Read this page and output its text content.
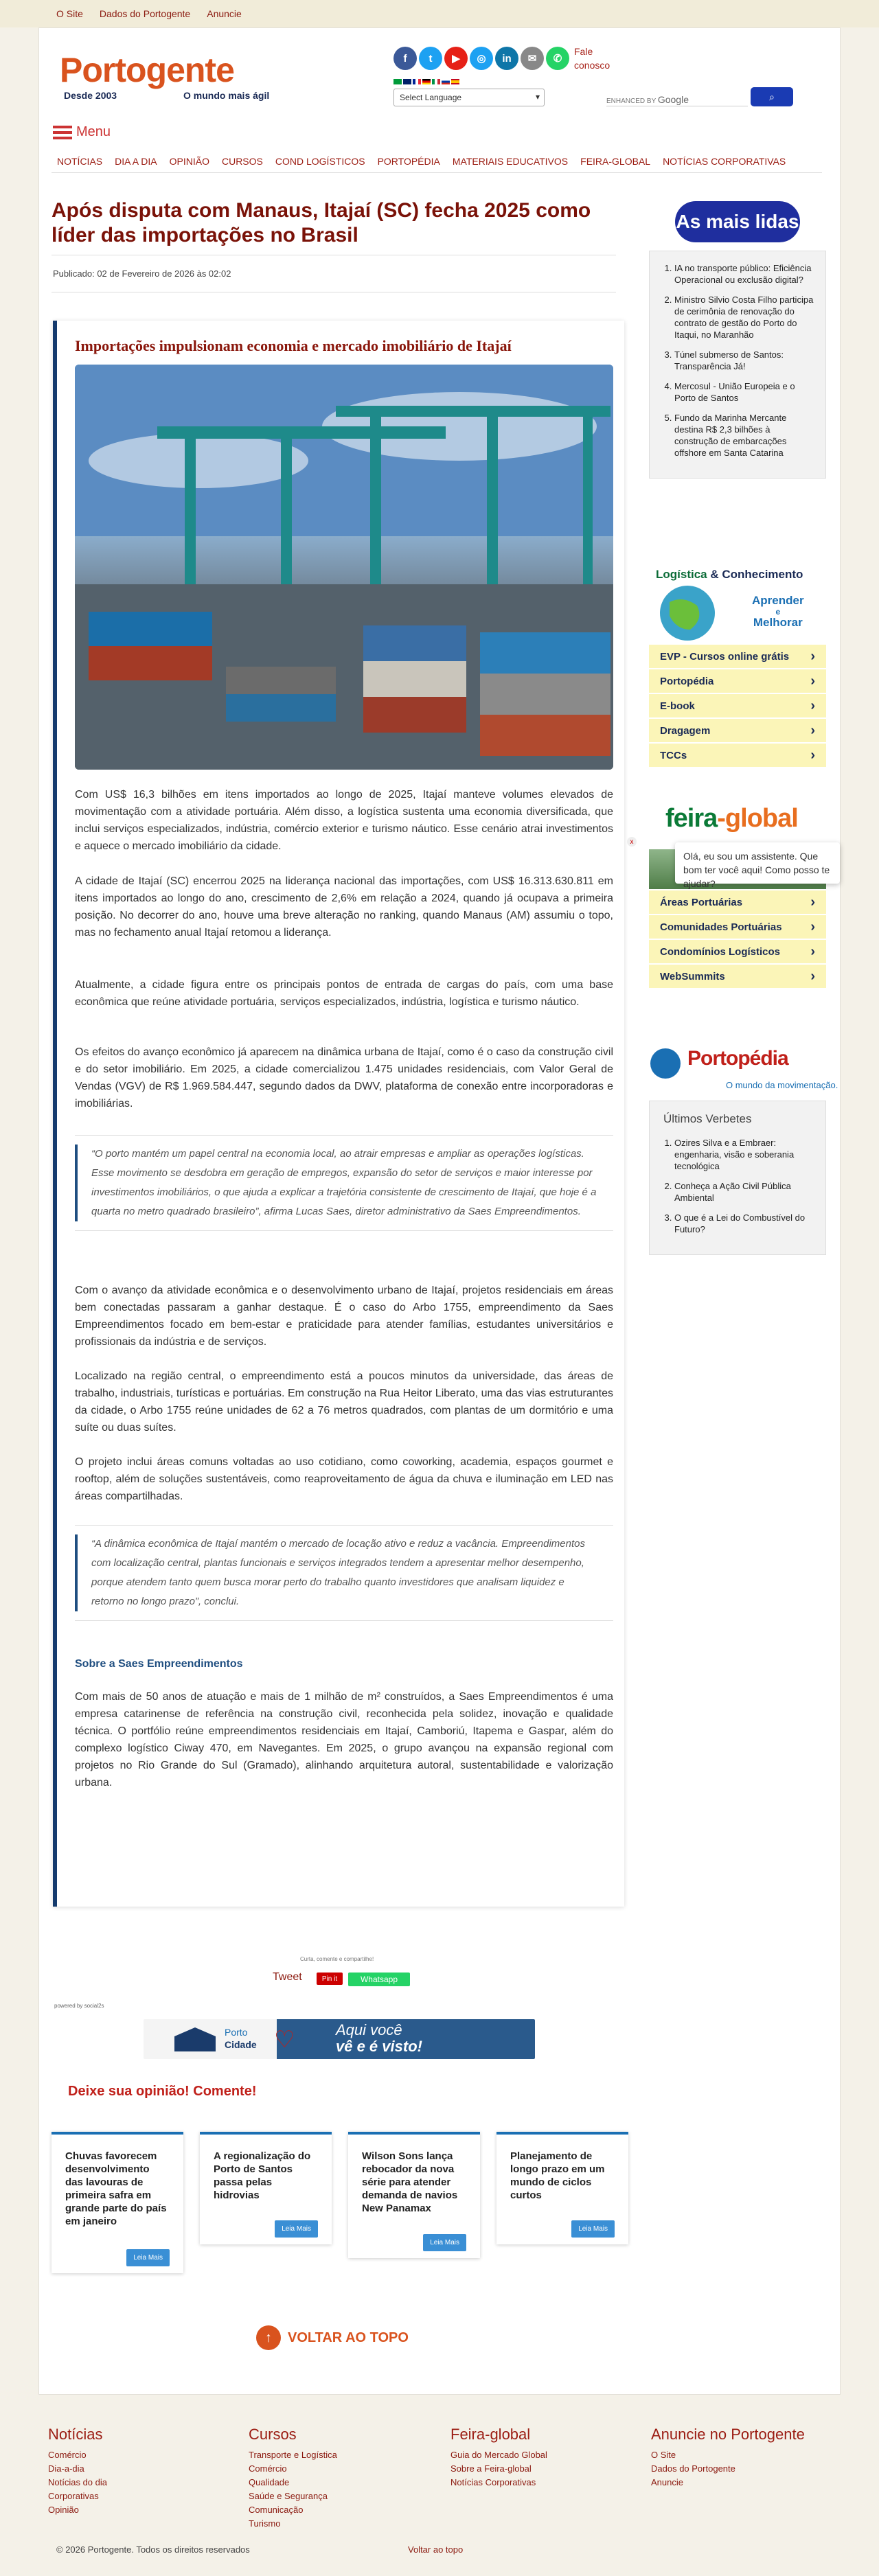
O Site Dados do Portogente Anuncie
Portogente
Desde 2003	O mundo mais ágil
f	t	▶	◎	in	✉	✆
Fale conosco
Select Language ▾	ENHANCED BY Google	⌕
Menu
NOTÍCIAS DIA A DIA OPINIÃO CURSOS COND LOGÍSTICOS PORTOPÉDIA MATERIAIS EDUCATIVOS FEIRA-GLOBAL NOTÍCIAS CORPORATIVAS
Após disputa com Manaus, Itajaí (SC) fecha 2025 como líder das importações no Brasil
Publicado: 02 de Fevereiro de 2026 às 02:02
Importações impulsionam economia e mercado imobiliário de Itajaí

Com US$ 16,3 bilhões em itens importados ao longo de 2025, Itajaí manteve volumes elevados de movimentação com a atividade portuária. Além disso, a logística sustenta uma economia diversificada, que inclui serviços especializados, indústria, comércio exterior e turismo náutico. Esse cenário atrai investimentos e aquece o mercado imobiliário da cidade.

A cidade de Itajaí (SC) encerrou 2025 na liderança nacional das importações, com US$ 16.313.630.811 em itens importados ao longo do ano, crescimento de 2,6% em relação a 2024, quando já ocupava a primeira posição. No decorrer do ano, houve uma breve alteração no ranking, quando Manaus (AM) assumiu o topo, mas no fechamento anual Itajaí retomou a liderança.

Atualmente, a cidade figura entre os principais pontos de entrada de cargas do país, com uma base econômica que reúne atividade portuária, serviços especializados, indústria, logística e turismo náutico.

Os efeitos do avanço econômico já aparecem na dinâmica urbana de Itajaí, como é o caso da construção civil e do setor imobiliário. Em 2025, a cidade comercializou 1.475 unidades residenciais, com Valor Geral de Vendas (VGV) de R$ 1.969.584.447, segundo dados da DWV, plataforma de conexão entre incorporadoras e imobiliárias.

“O porto mantém um papel central na economia local, ao atrair empresas e ampliar as operações logísticas. Esse movimento se desdobra em geração de empregos, expansão do setor de serviços e maior interesse por investimentos imobiliários, o que ajuda a explicar a trajetória consistente de crescimento de Itajaí, que hoje é a quarta no metro quadrado brasileiro”, afirma Lucas Saes, diretor administrativo da Saes Empreendimentos.

Com o avanço da atividade econômica e o desenvolvimento urbano de Itajaí, projetos residenciais em áreas bem conectadas passaram a ganhar destaque. É o caso do Arbo 1755, empreendimento da Saes Empreendimentos focado em bem-estar e praticidade para atender famílias, estudantes universitários e profissionais da indústria e de serviços.

Localizado na região central, o empreendimento está a poucos minutos da universidade, das áreas de trabalho, industriais, turísticas e portuárias. Em construção na Rua Heitor Liberato, uma das vias estruturantes da cidade, o Arbo 1755 reúne unidades de 62 a 76 metros quadrados, com plantas de um dormitório e uma suíte ou duas suítes.

O projeto inclui áreas comuns voltadas ao uso cotidiano, como coworking, academia, espaços gourmet e rooftop, além de soluções sustentáveis, como reaproveitamento de água da chuva e iluminação em LED nas áreas compartilhadas.

“A dinâmica econômica de Itajaí mantém o mercado de locação ativo e reduz a vacância. Empreendimentos com localização central, plantas funcionais e serviços integrados tendem a apresentar melhor desempenho, porque atendem tanto quem busca morar perto do trabalho quanto investidores que analisam liquidez e retorno no longo prazo”, conclui.
Sobre a Saes Empreendimentos

Com mais de 50 anos de atuação e mais de 1 milhão de m² construídos, a Saes Empreendimentos é uma empresa catarinense de referência na construção civil, reconhecida pela solidez, inovação e qualidade técnica. O portfólio reúne empreendimentos residenciais em Itajaí, Camboriú, Itapema e Gaspar, além do complexo logístico Ciway 470, em Navegantes. Em 2025, o grupo avançou na expansão regional com projetos no Rio Grande do Sul (Gramado), alinhando arquitetura autoral, sustentabilidade e valorização urbana.

As mais lidas
1. IA no transporte público: Eficiência Operacional ou exclusão digital?
2. Ministro Silvio Costa Filho participa de cerimônia de renovação do contrato de gestão do Porto do Itaqui, no Maranhão
3. Túnel submerso de Santos: Transparência Já!
4. Mercosul - União Europeia e o Porto de Santos
5. Fundo da Marinha Mercante destina R$ 2,3 bilhões à construção de embarcações offshore em Santa Catarina
Logística & Conhecimento
Aprender
e
Melhorar
EVP - Cursos online grátis ›
Portopédia ›
E-book ›
Dragagem ›
TCCs ›
feira-global
Áreas Portuárias ›
Comunidades Portuárias ›
Condomínios Logísticos ›
WebSummits ›
x
Olá, eu sou um assistente. Que bom ter você aqui! Como posso te ajudar?
Portopédia
O mundo da movimentação.
Últimos Verbetes
1. Ozires Silva e a Embraer: engenharia, visão e soberania tecnológica
2. Conheça a Ação Civil Pública Ambiental
3. O que é a Lei do Combustível do Futuro?
Curta, comente e compartilhe!
Tweet	Pin it	Whatsapp
powered by social2s
Porto
Cidade ♡	Aqui você
vê e é visto!
Deixe sua opinião! Comente!
Chuvas favorecem desenvolvimento das lavouras de primeira safra em grande parte do país em janeiro
Leia Mais
A regionalização do Porto de Santos passa pelas hidrovias
Leia Mais
Wilson Sons lança rebocador da nova série para atender demanda de navios New Panamax
Leia Mais
Planejamento de longo prazo em um mundo de ciclos curtos
Leia Mais
↑	VOLTAR AO TOPO
Notícias
Comércio
Dia-a-dia
Notícias do dia
Corporativas
Opinião
Cursos
Transporte e Logística
Comércio
Qualidade
Saúde e Segurança
Comunicação
Turismo
Feira-global
Guia do Mercado Global
Sobre a Feira-global
Notícias Corporativas
Anuncie no Portogente
O Site
Dados do Portogente
Anuncie
© 2026 Portogente. Todos os direitos reservados	Voltar ao topo
